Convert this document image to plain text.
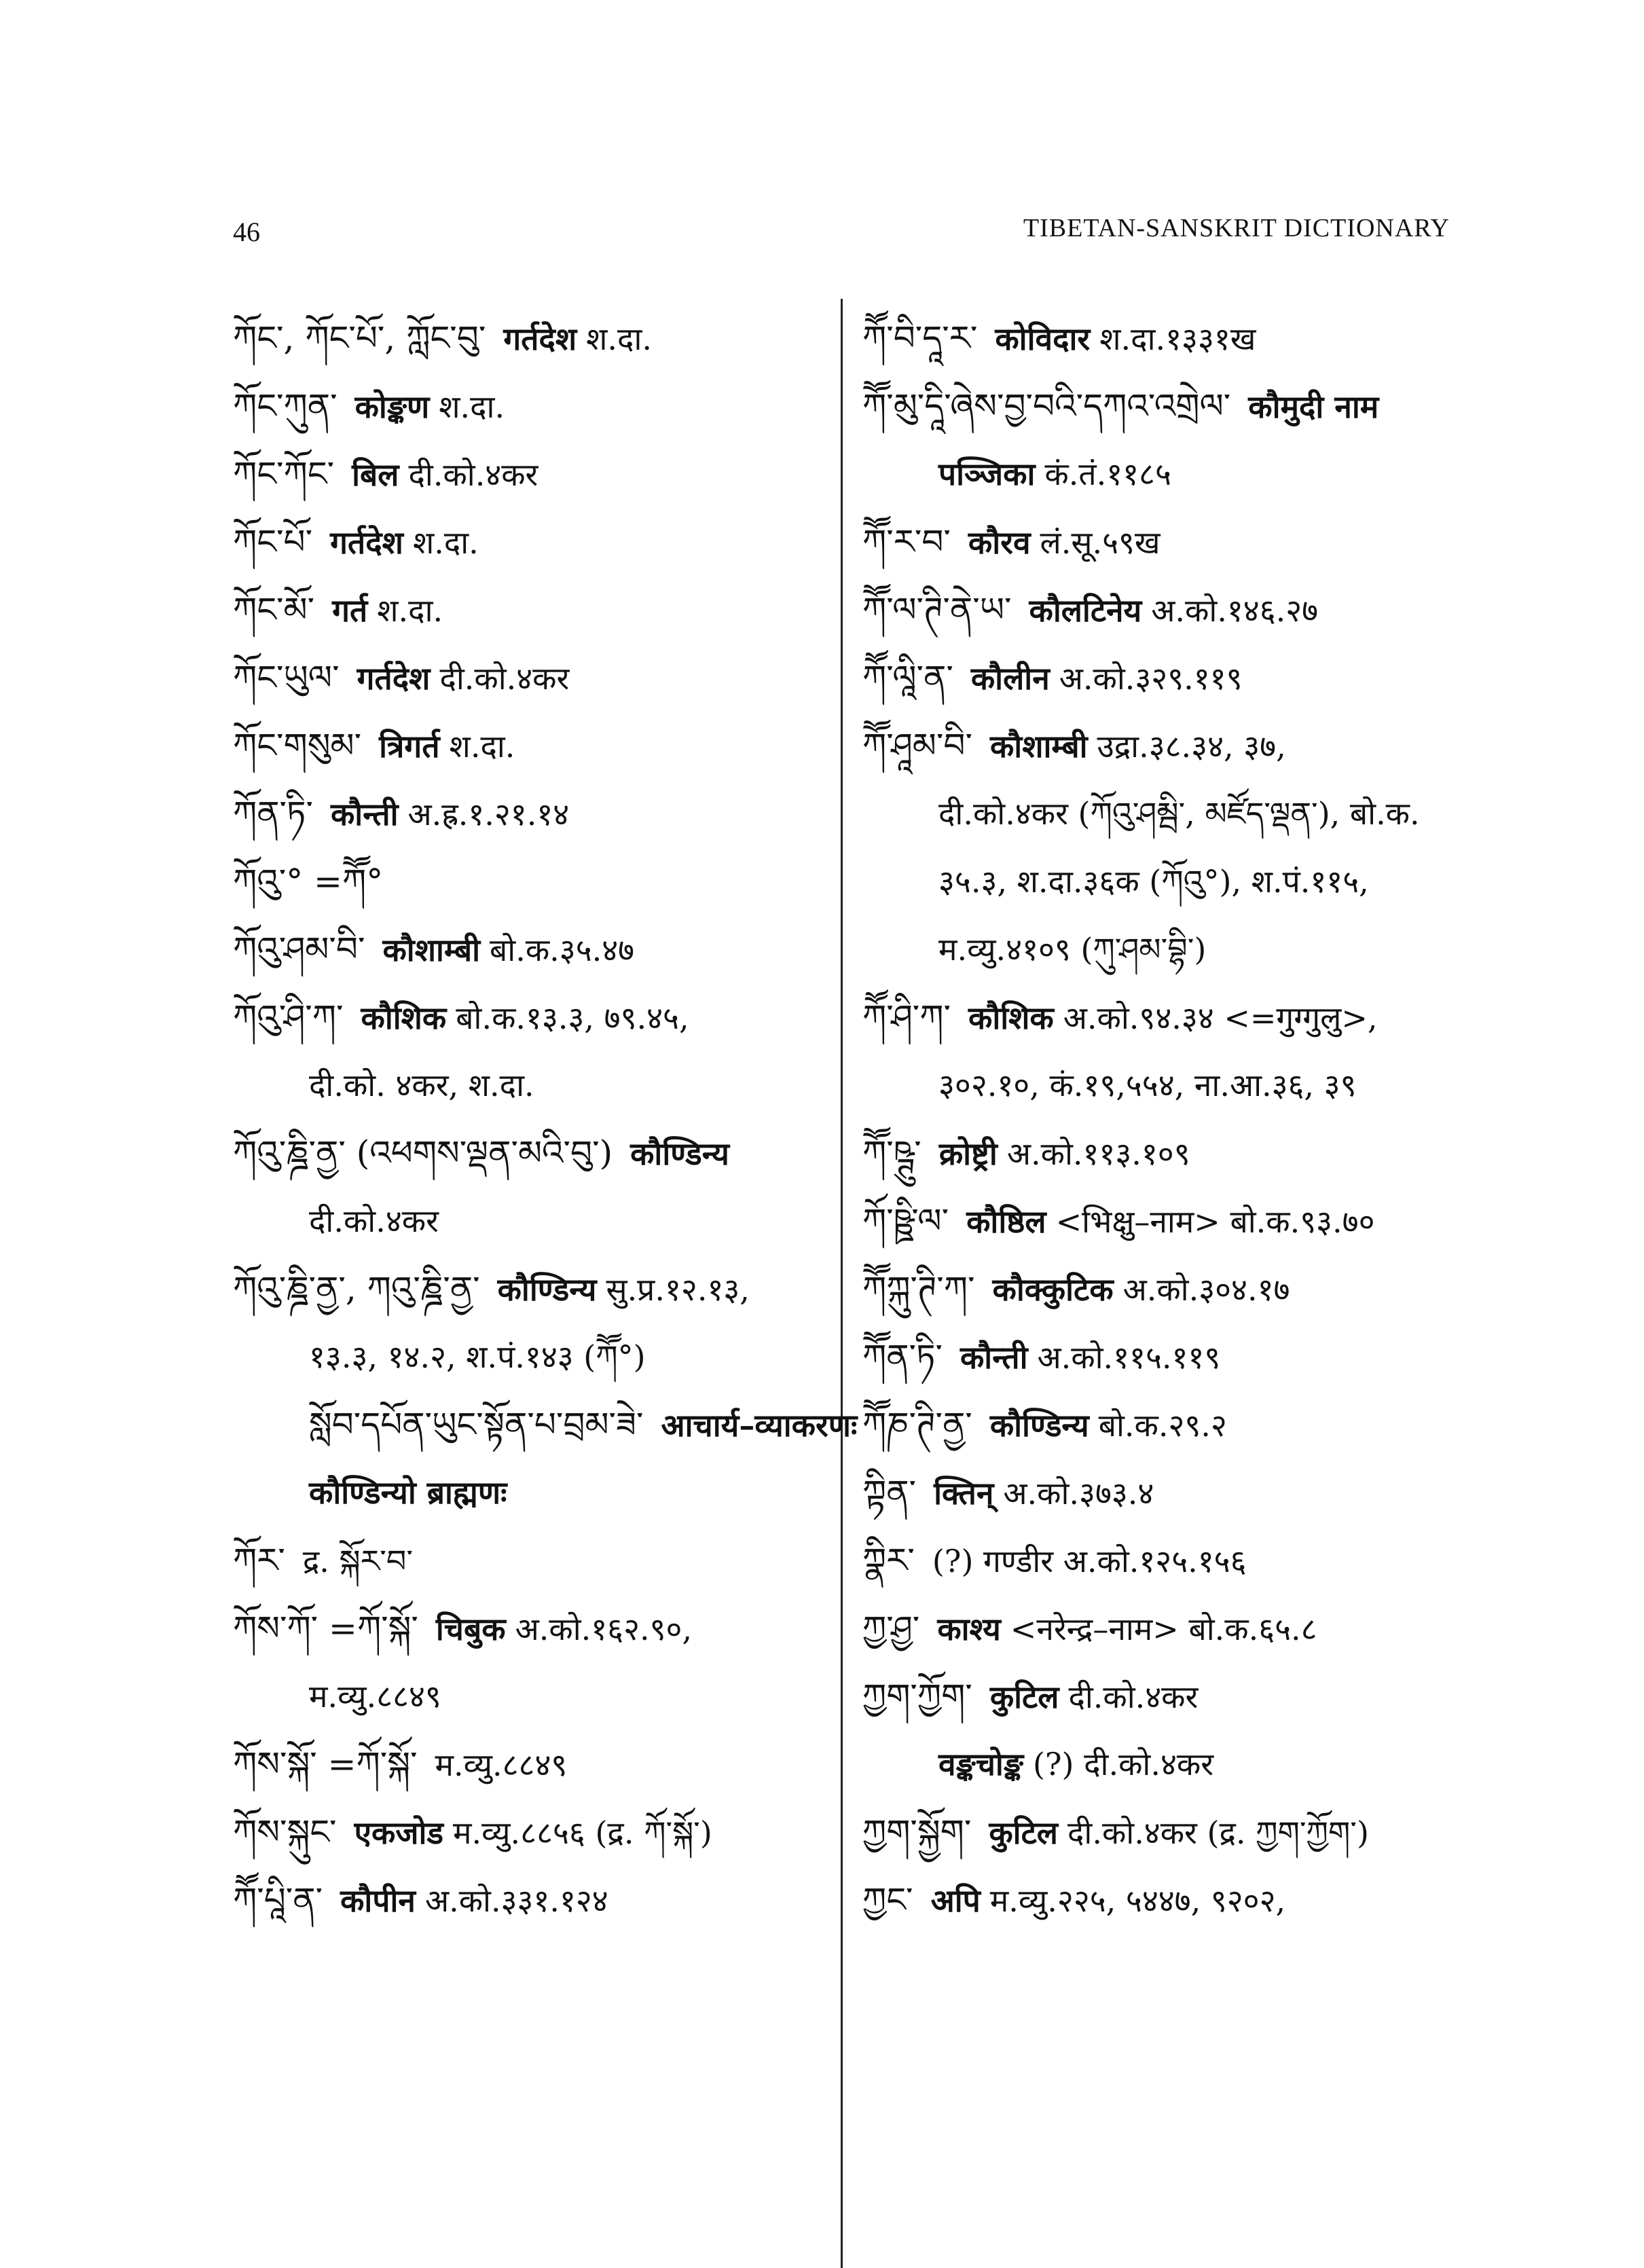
46	TIBETAN-SANSKRIT DICTIONARY
ཀོང་, ཀོང་པོ་, ཀློང་བུ་ गर्तदेश श.दा.
ཀོང་ཀུན་ कोङ्कण श.दा.
ཀོང་ཀོང་ बिल दी.को.४कर
ཀོང་པོ་ गर्तदेश श.दा.
ཀོང་མོ་ गर्त श.दा.
ཀོང་ཡུལ་ गर्तदेश दी.को.४कर
ཀོང་གསུམ་ त्रिगर्त श.दा.
ཀོན་ཏི་ कौन्ती अ.ह्र.१.२१.१४
ཀོའུ་° =ཀཽ°
ཀོའུ་ཤམ་བི་ कौशाम्बी बो.क.३५.४७
ཀོའུ་ཤི་ཀ་ कौशिक बो.क.१३.३, ७९.४५,
दी.को. ४कर, श.दा.
ཀོའུ་ཎྜི་ནྱ་ (འཕགས་ལྡན་མའི་བུ་) कौण्डिन्य
दी.को.४कर
ཀོའུ་ཎྜི་ནྱ་, ཀའུ་ཎྜི་ནྱ་ कौण्डिन्य सु.प्र.१२.१३,
१३.३, १४.२, श.पं.१४३ (ཀཽ°)
སློབ་དཔོན་ཡུང་སྟོན་པ་བྲམ་ཟེ་ आचार्य–व्याकरणः
कौण्डिन्यो ब्राह्मणः
ཀོར་ द्र. སྐོར་བ་
ཀོས་ཀོ་ =ཀོ་སྐོ་ चिबुक अ.को.१६२.९०,
म.व्यु.८८४९
ཀོས་སྐོ་ =ཀོ་སྐོ་ म.व्यु.८८४९
ཀོས་སྐུང་ एकजोड म.व्यु.८८५६ (द्र. ཀོ་སྐོ་)
ཀཽ་པཱི་ན་ कौपीन अ.को.३३१.१२४
ཀཽ་བི་དཱ་ར་ कोविदार श.दा.१३३१ख
ཀཽ་མུ་དཱི་ཞེས་བྱ་བའི་དཀའ་འགྲེལ་ कौमुदी नाम
पञ्जिका कं.तं.११८५
ཀཽ་ར་བ་ कौरव लं.सू.५९ख
ཀཽ་ལ་ཊི་ནེ་ཡ་ कौलटिनेय अ.को.१४६.२७
ཀཽ་ལཱི་ན་ कौलीन अ.को.३२९.११९
ཀཽ་ཤཱམ་བི་ कौशाम्बी उद्रा.३८.३४, ३७,
दी.को.४कर (ཀོའུ་ཤམྦི་, མཛོད་ལྡན་), बो.क.
३५.३, श.दा.३६क (ཀོའུ°), श.पं.११५,
म.व्यु.४१०९ (ཀུ་ཤམ་བྷི་)
ཀཽ་ཤི་ཀ་ कौशिक अ.को.९४.३४ <=गुग्गुलु>,
३०२.१०, कं.१९,५५४, ना.आ.३६, ३९
ཀཽ་ཥྚུ་ क्रोष्ट्री अ.को.११३.१०९
ཀོ་ཥྛི་ལ་ कौष्ठिल <भिक्षु–नाम> बो.क.९३.७०
ཀཽཀྐུ་ཊི་ཀ་ कौक्कुटिक अ.को.३०४.१७
ཀཽན་ཏི་ कौन्ती अ.को.११५.११९
ཀཽཎ་ཊི་ནྱ་ कौण्डिन्य बो.क.२९.२
ཀྟིན་ क्तिन् अ.को.३७३.४
ཀྣིར་ (?) गण्डीर अ.को.१२५.१५६
ཀྱ་ཤྱ་ काश्य <नरेन्द्र–नाम> बो.क.६५.८
ཀྱག་ཀྱོག་ कुटिल दी.को.४कर
वङ्कचोङ्क (?) दी.को.४कर
ཀྱག་སྐྱོག་ कुटिल दी.को.४कर (द्र. ཀྱག་ཀྱོག་)
ཀྱང་ अपि म.व्यु.२२५, ५४४७, ९२०२,
